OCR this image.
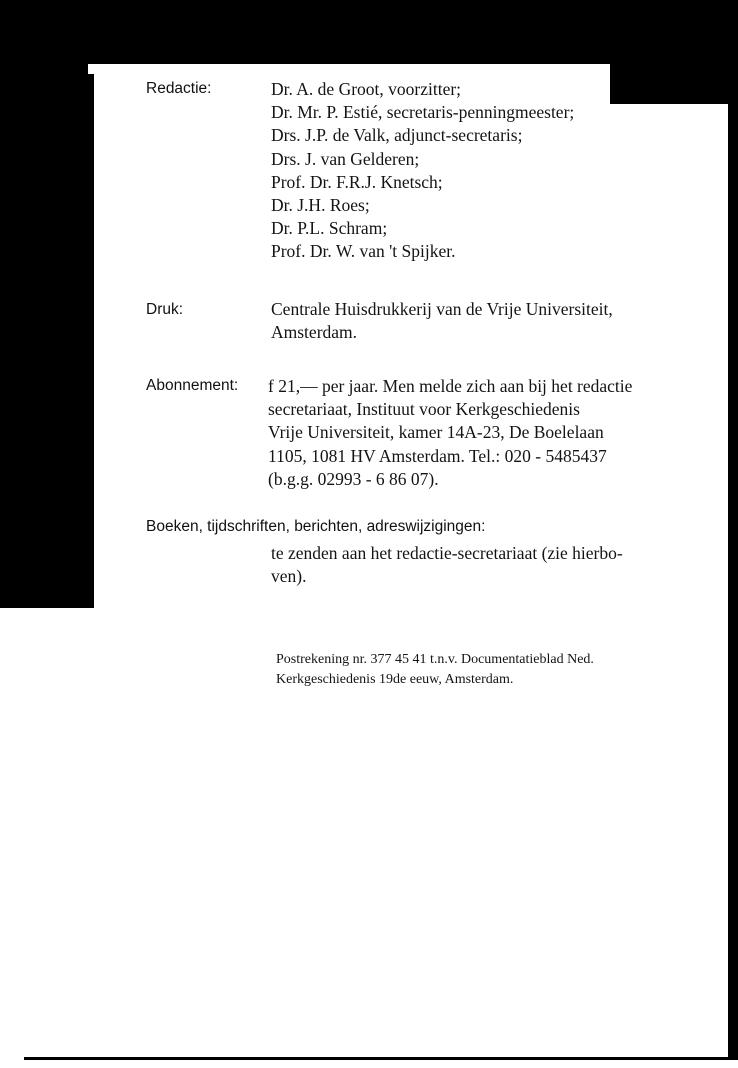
Redactie:	Dr. A. de Groot, voorzitter;
Dr. Mr. P. Estié, secretaris-penningmeester;
Drs. J.P. de Valk, adjunct-secretaris;
Drs. J. van Gelderen;
Prof. Dr. F.R.J. Knetsch;
Dr. J.H. Roes;
Dr. P.L. Schram;
Prof. Dr. W. van 't Spijker.
Druk:	Centrale Huisdrukkerij van de Vrije Universiteit,
Amsterdam.
Abonnement: f 21,— per jaar. Men melde zich aan bij het redactie
secretariaat, Instituut voor Kerkgeschiedenis
Vrije Universiteit, kamer 14A-23, De Boelelaan
1105, 1081 HV Amsterdam. Tel.: 020 - 5485437
(b.g.g. 02993 - 6 86 07).
Boeken, tijdschriften, berichten, adreswijzigingen:
te zenden aan het redactie-secretariaat (zie hierbo-
ven).
Postrekening nr. 377 45 41 t.n.v. Documentatieblad Ned.
Kerkgeschiedenis 19de eeuw, Amsterdam.
